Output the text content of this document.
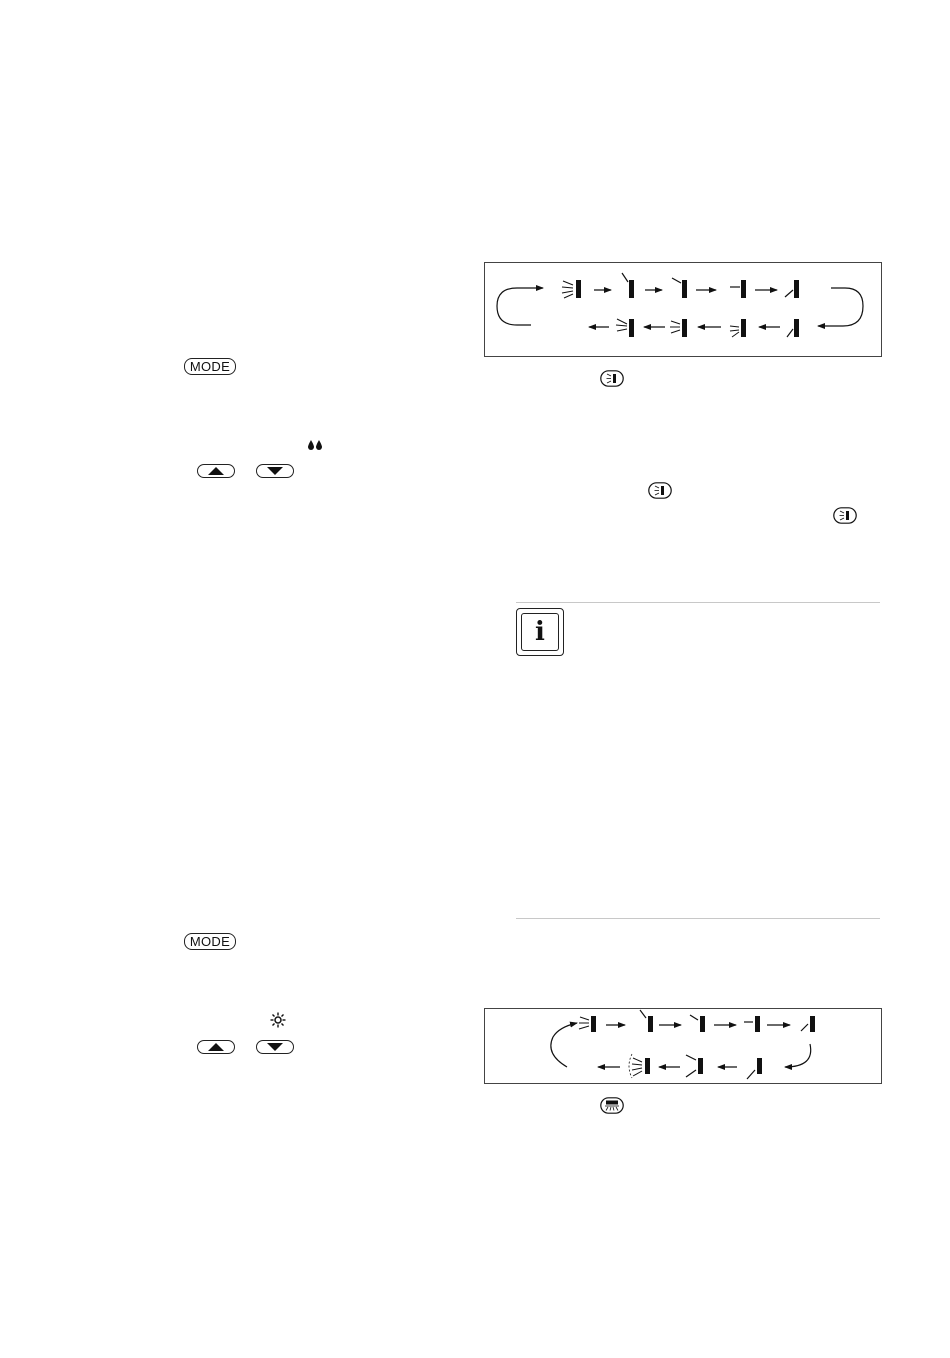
MODE
MODE
i
